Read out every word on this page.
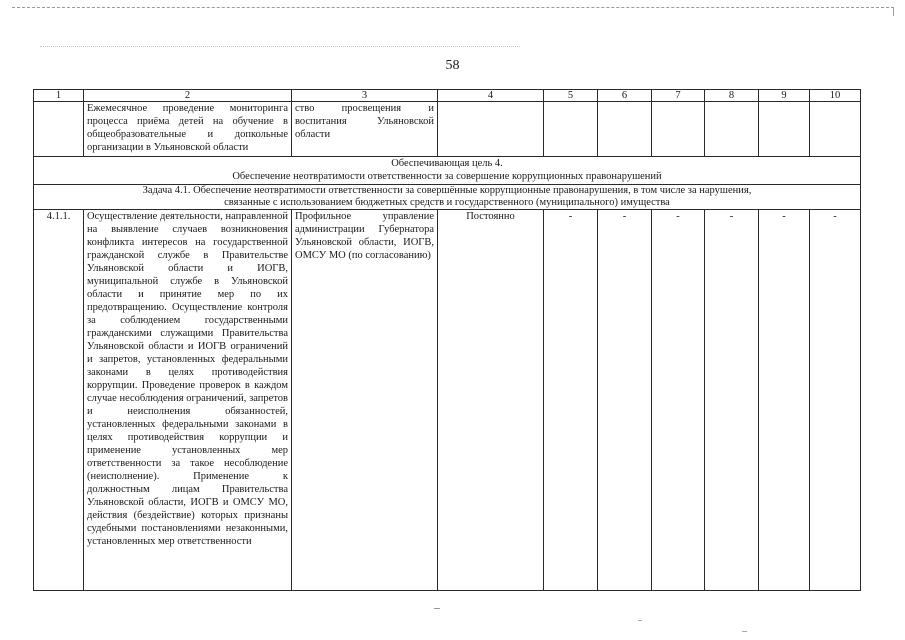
58
1	2	3	4	5	6	7	8	9	10
	Ежемесячное проведение мониторинга процесса приёма детей на обучение в общеобразовательные и допкольные организации в Ульяновской области	ство просвещения и воспитания Ульяновской области							

Обеспечивающая цель 4.
Обеспечение неотвратимости ответственности за совершение коррупционных правонарушений									

Задача 4.1. Обеспечение неотвратимости ответственности за совершённые коррупционные правонарушения, в том числе за нарушения,
связанные с использованием бюджетных средств и государственного (муниципального) имущества									

4.1.1.	Осуществление деятельности, направленной на выявление случаев возникновения конфликта интересов на государственной гражданской службе в Правительстве Ульяновской области и ИОГВ, муниципальной службе в Ульяновской области и принятие мер по их предотвращению. Осуществление контроля за соблюдением государственными гражданскими служащими Правительства Ульяновской области и ИОГВ ограничений и запретов, установленных федеральными законами в целях противодействия коррупции. Проведение проверок в каждом случае несоблюдения ограничений, запретов и неисполнения обязанностей, установленных федеральными законами в целях противодействия коррупции и применение установленных мер ответственности за такое несоблюдение (неисполнение). Применение к должностным лицам Правительства Ульяновской области, ИОГВ и ОМСУ МО, действия (бездействие) которых признаны судебными постановлениями незаконными, установленных мер ответственности	Профильное управление администрации Губернатора Ульяновской области, ИОГВ, ОМСУ МО (по согласованию)	Постоянно	-	-	-	-	-	-
